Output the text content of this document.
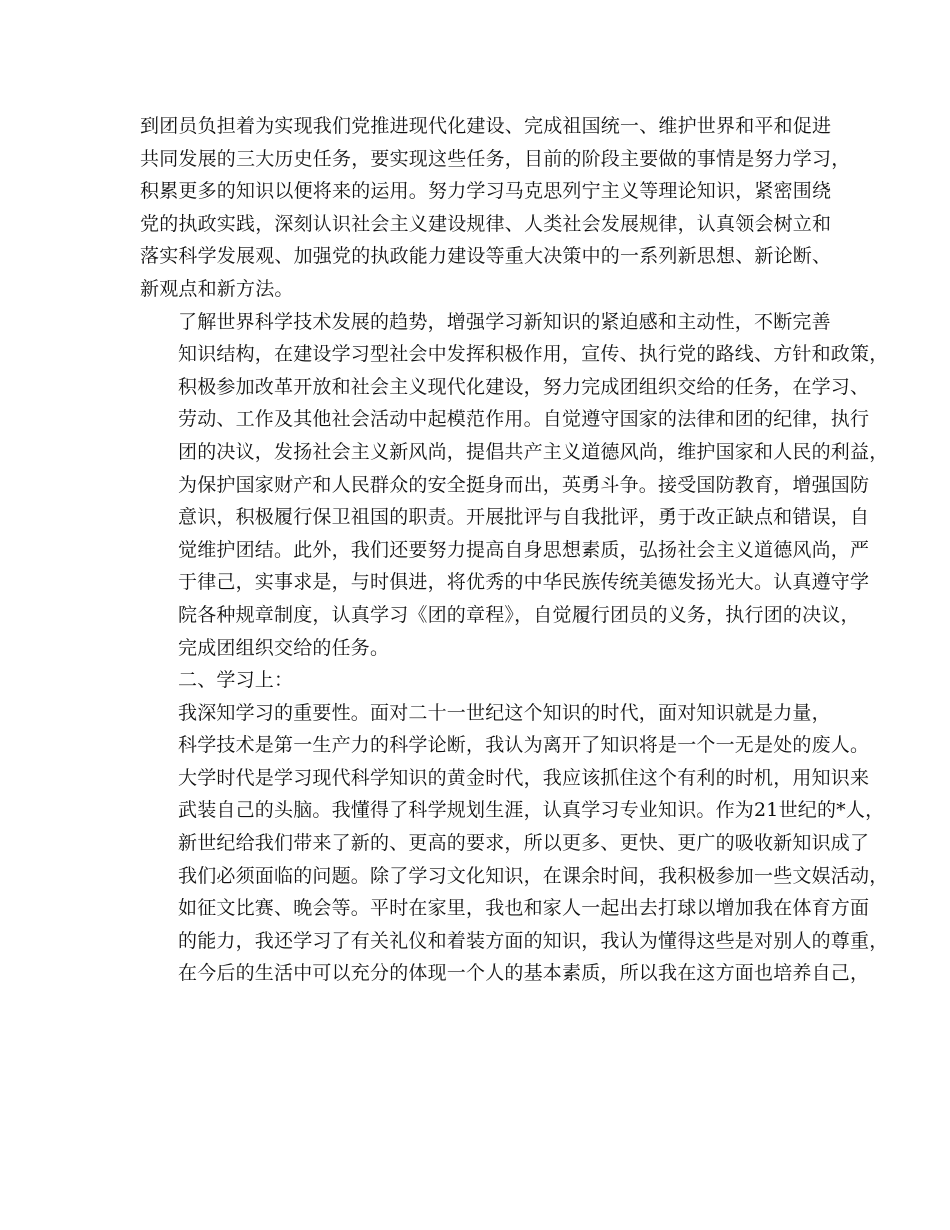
到团员负担着为实现我们党推进现代化建设、完成祖国统一、维护世界和平和促进
共同发展的三大历史任务，要实现这些任务，目前的阶段主要做的事情是努力学习，
积累更多的知识以便将来的运用。努力学习马克思列宁主义等理论知识，紧密围绕
党的执政实践，深刻认识社会主义建设规律、人类社会发展规律，认真领会树立和
落实科学发展观、加强党的执政能力建设等重大决策中的一系列新思想、新论断、
新观点和新方法。
了解世界科学技术发展的趋势，增强学习新知识的紧迫感和主动性，不断完善
知识结构，在建设学习型社会中发挥积极作用，宣传、执行党的路线、方针和政策，
积极参加改革开放和社会主义现代化建设，努力完成团组织交给的任务，在学习、
劳动、工作及其他社会活动中起模范作用。自觉遵守国家的法律和团的纪律，执行
团的决议，发扬社会主义新风尚，提倡共产主义道德风尚，维护国家和人民的利益，
为保护国家财产和人民群众的安全挺身而出，英勇斗争。接受国防教育，增强国防
意识，积极履行保卫祖国的职责。开展批评与自我批评，勇于改正缺点和错误，自
觉维护团结。此外，我们还要努力提高自身思想素质，弘扬社会主义道德风尚，严
于律己，实事求是，与时俱进，将优秀的中华民族传统美德发扬光大。认真遵守学
院各种规章制度，认真学习《团的章程》，自觉履行团员的义务，执行团的决议，
完成团组织交给的任务。
二、学习上：
我深知学习的重要性。面对二十一世纪这个知识的时代，面对知识就是力量，
科学技术是第一生产力的科学论断，我认为离开了知识将是一个一无是处的废人。
大学时代是学习现代科学知识的黄金时代，我应该抓住这个有利的时机，用知识来
武装自己的头脑。我懂得了科学规划生涯，认真学习专业知识。作为21世纪的*人，
新世纪给我们带来了新的、更高的要求，所以更多、更快、更广的吸收新知识成了
我们必须面临的问题。除了学习文化知识，在课余时间，我积极参加一些文娱活动，
如征文比赛、晚会等。平时在家里，我也和家人一起出去打球以增加我在体育方面
的能力，我还学习了有关礼仪和着装方面的知识，我认为懂得这些是对别人的尊重，
在今后的生活中可以充分的体现一个人的基本素质，所以我在这方面也培养自己，
